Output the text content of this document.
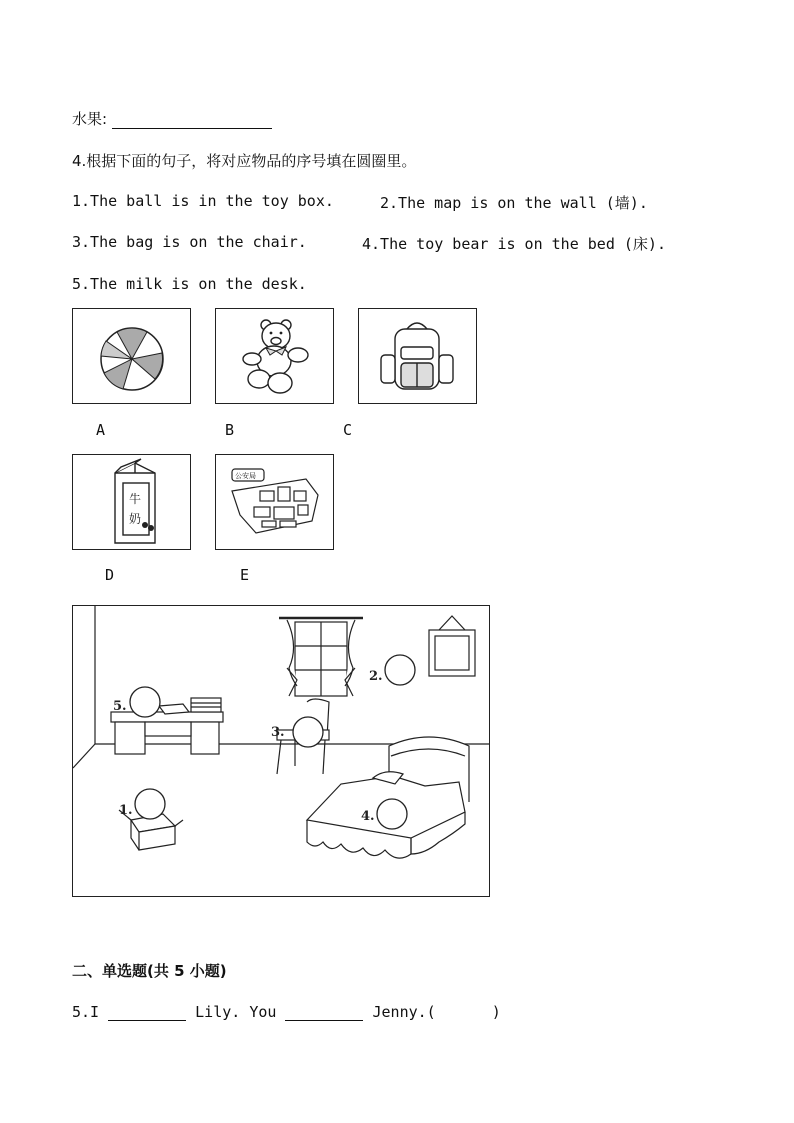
水果:
4.根据下面的句子，将对应物品的序号填在圆圈里。
1.The ball is in the toy box.	2.The map is on the wall (墙).
3.The bag is on the chair.	4.The toy bear is on the bed (床).
5.The milk is on the desk.
A	B	C
牛
奶
D
公安局
E
1.
2.
3.
4.
5.
二、单选题(共 5 小题)
5.I	Lily. You	Jenny.(	)
